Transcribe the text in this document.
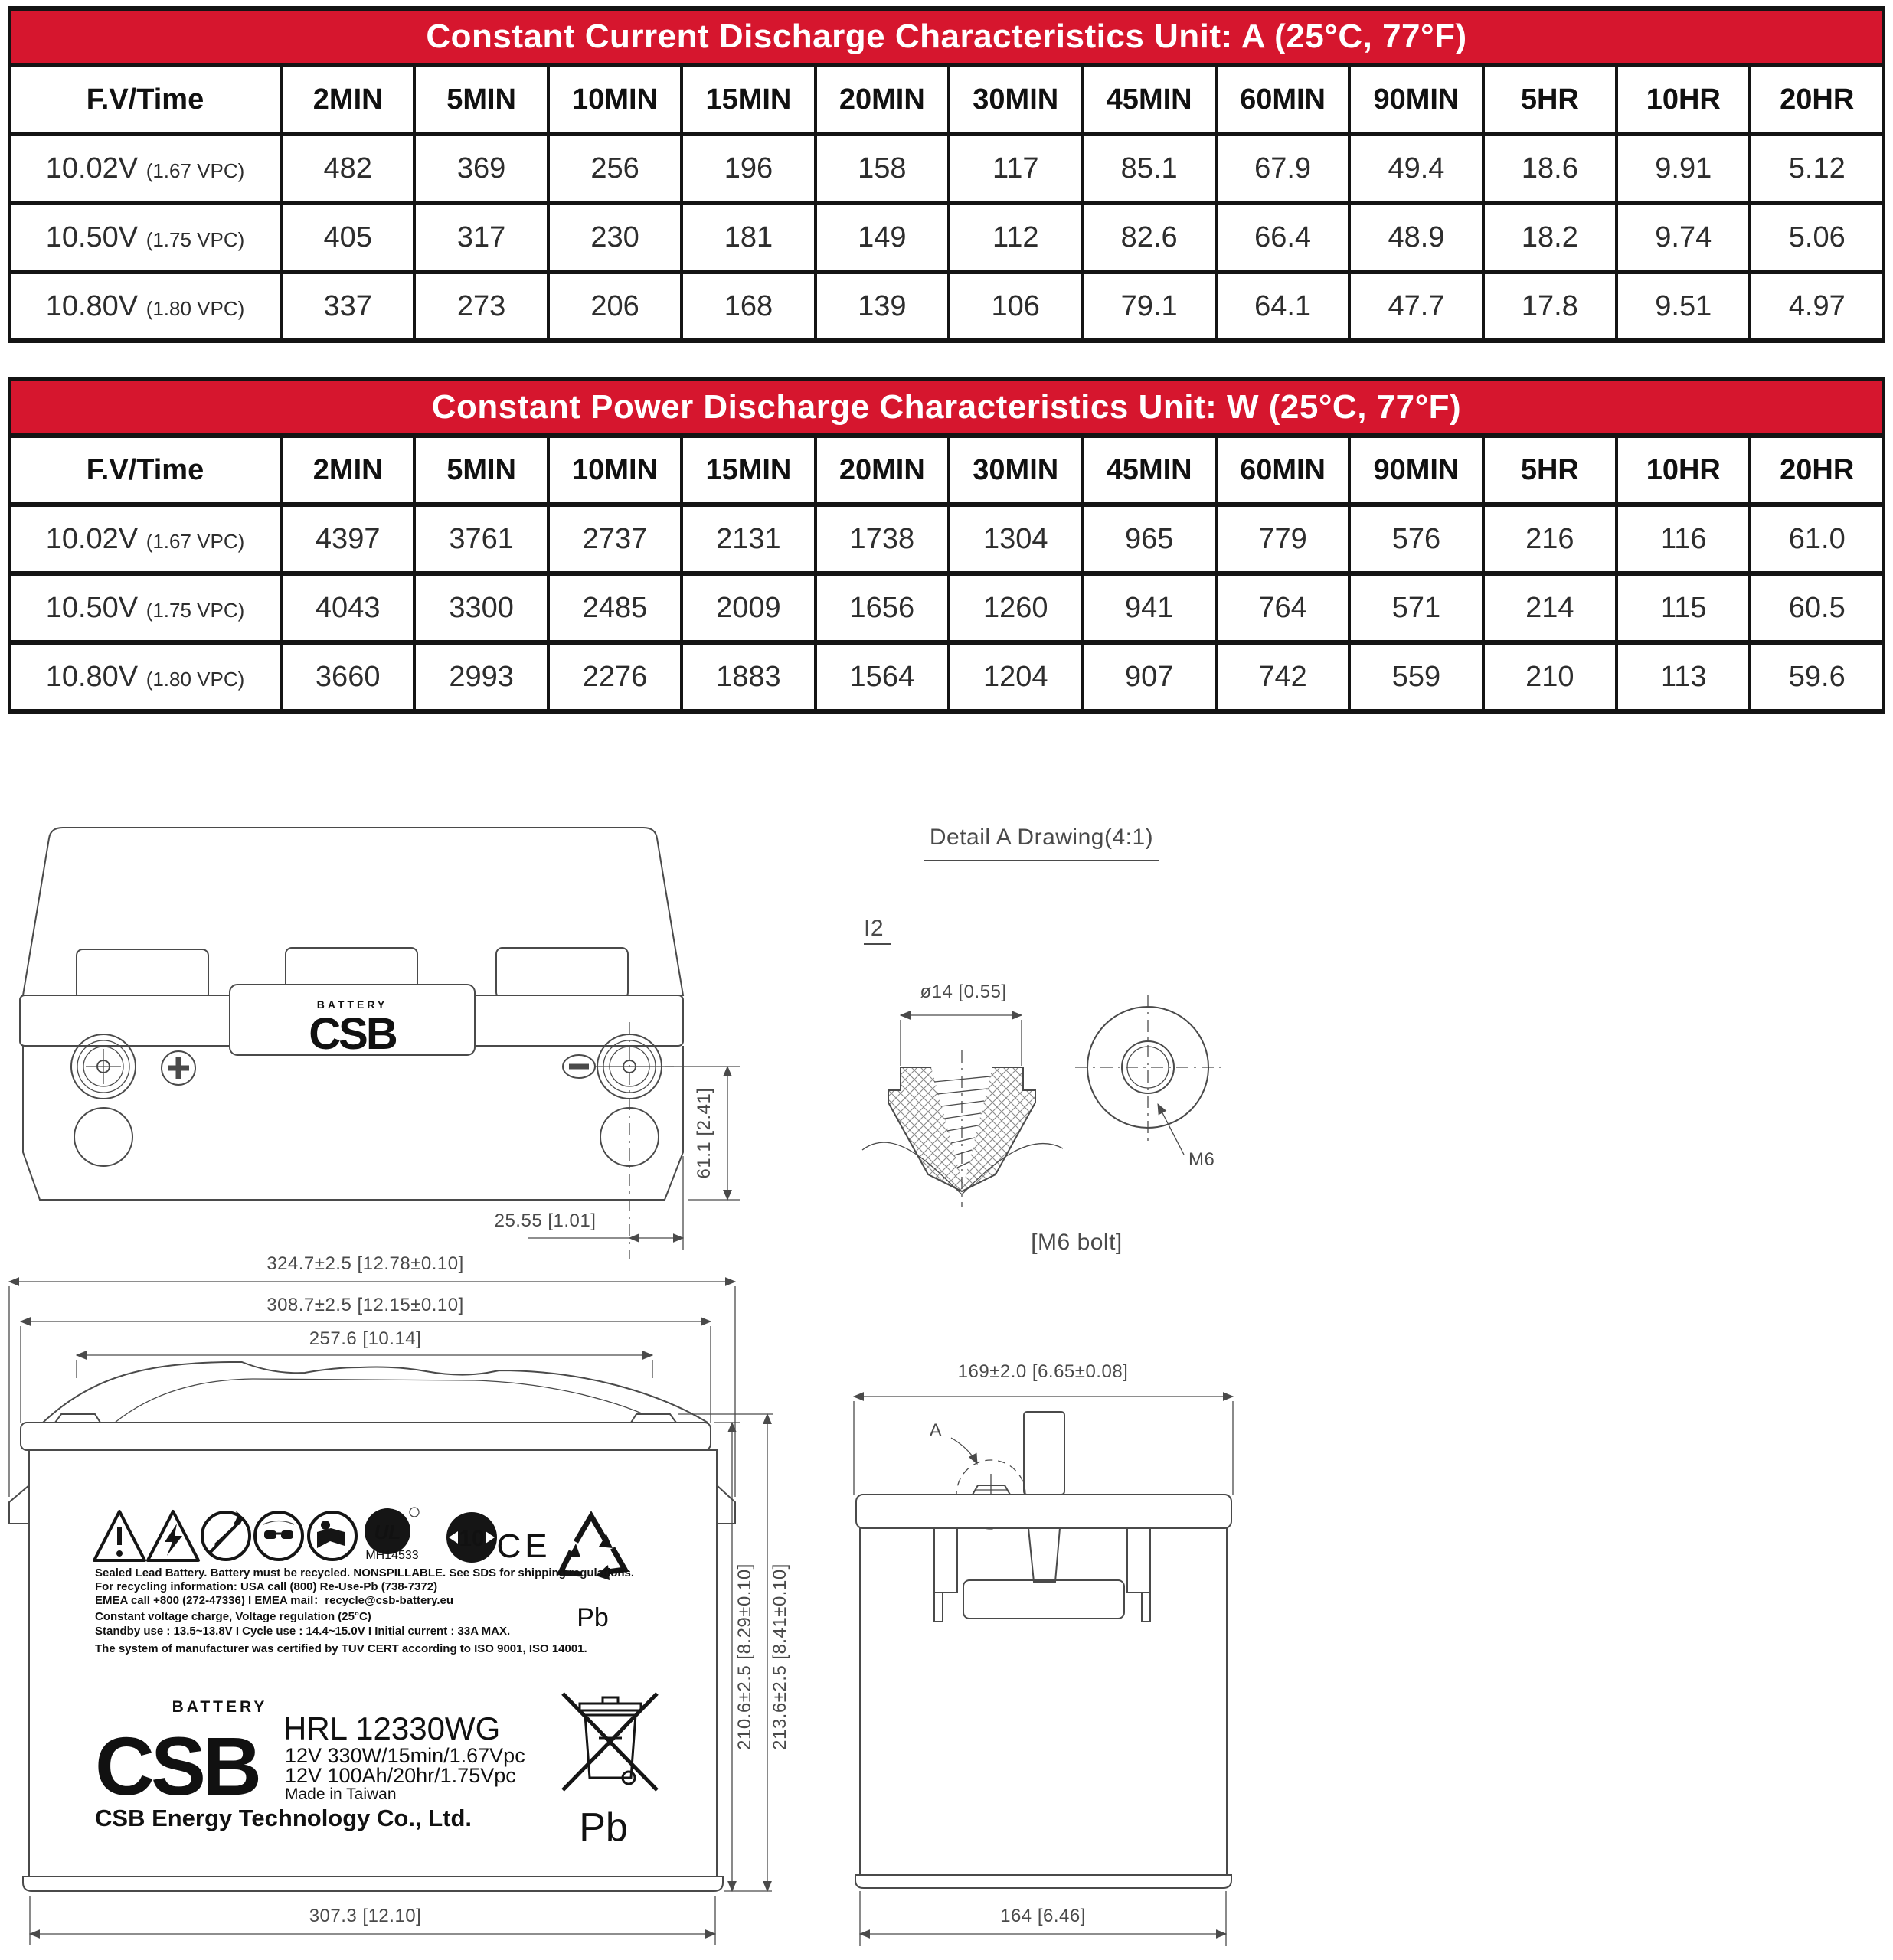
Constant Current Discharge Characteristics Unit: A (25°C, 77°F)												
F.V/Time	2MIN	5MIN	10MIN	15MIN	20MIN	30MIN	45MIN	60MIN	90MIN	5HR	10HR	20HR
10.02V (1.67 VPC)	482	369	256	196	158	117	85.1	67.9	49.4	18.6	9.91	5.12
10.50V (1.75 VPC)	405	317	230	181	149	112	82.6	66.4	48.9	18.2	9.74	5.06
10.80V (1.80 VPC)	337	273	206	168	139	106	79.1	64.1	47.7	17.8	9.51	4.97
Constant Power Discharge Characteristics Unit: W (25°C, 77°F)												
F.V/Time	2MIN	5MIN	10MIN	15MIN	20MIN	30MIN	45MIN	60MIN	90MIN	5HR	10HR	20HR
10.02V (1.67 VPC)	4397	3761	2737	2131	1738	1304	965	779	576	216	116	61.0
10.50V (1.75 VPC)	4043	3300	2485	2009	1656	1260	941	764	571	214	115	60.5
10.80V (1.80 VPC)	3660	2993	2276	1883	1564	1204	907	742	559	210	113	59.6
BATTERY
CSB
61.1 [2.41]
25.55 [1.01]
Detail A Drawing(4:1)
I2
ø14 [0.55]
M6
[M6 bolt]
324.7±2.5 [12.78±0.10]
308.7±2.5 [12.15±0.10]
257.6 [10.14]
UL
MH14533
10 CE
Pb
Sealed Lead Battery. Battery must be recycled. NONSPILLABLE. See SDS for shipping regulations.
For recycling information: USA call (800) Re-Use-Pb (738-7372)
EMEA call +800 (272-47336) I EMEA mail：recycle@csb-battery.eu
Constant voltage charge, Voltage regulation (25°C)
Standby use : 13.5~13.8V I Cycle use : 14.4~15.0V I Initial current : 33A MAX.
The system of manufacturer was certified by TUV CERT according to ISO 9001, ISO 14001.
BATTERY
CSB HRL 12330WG
12V 330W/15min/1.67Vpc
12V 100Ah/20hr/1.75Vpc
Made in Taiwan
CSB Energy Technology Co., Ltd.	Pb
210.6±2.5 [8.29±0.10] 213.6±2.5 [8.41±0.10]
307.3 [12.10]
169±2.0 [6.65±0.08]
A
164 [6.46]
